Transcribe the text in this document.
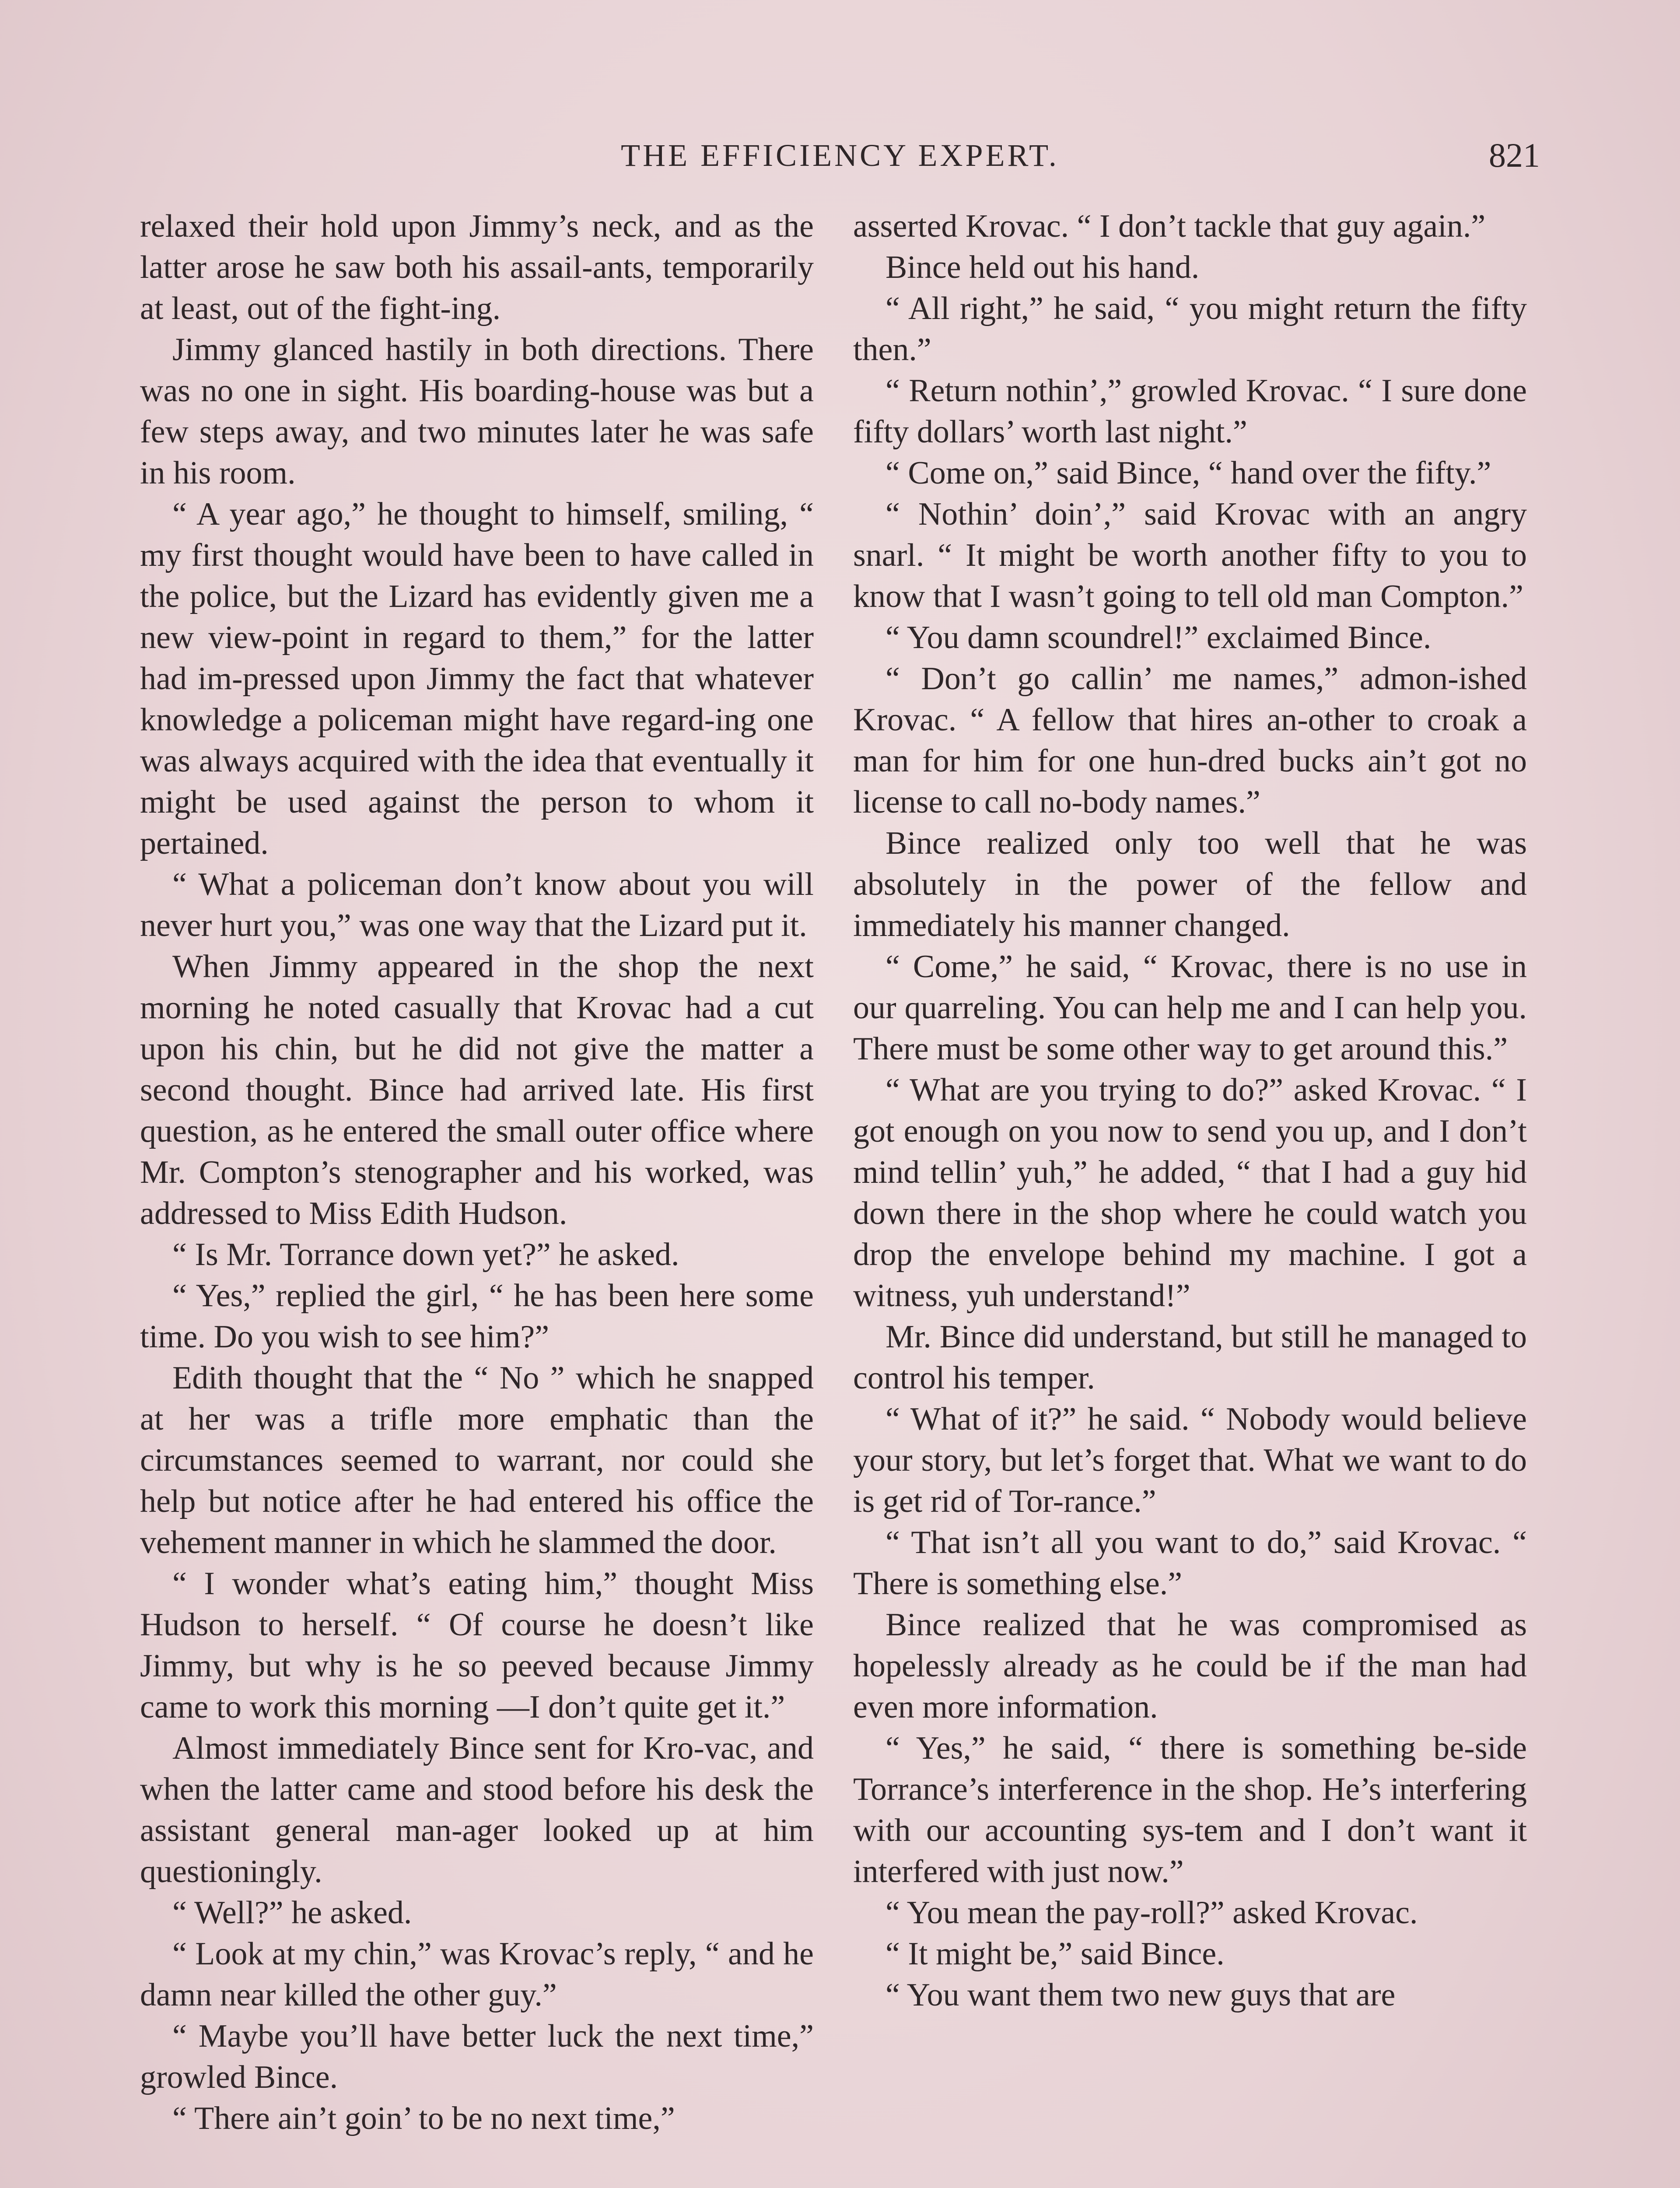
THE EFFICIENCY EXPERT.	821

relaxed their hold upon Jimmy’s neck, and as the latter arose he saw both his assail-ants, temporarily at least, out of the fight-ing.

Jimmy glanced hastily in both directions. There was no one in sight. His boarding-house was but a few steps away, and two minutes later he was safe in his room.

“ A year ago,” he thought to himself, smiling, “ my first thought would have been to have called in the police, but the Lizard has evidently given me a new view-point in regard to them,” for the latter had im-pressed upon Jimmy the fact that whatever knowledge a policeman might have regard-ing one was always acquired with the idea that eventually it might be used against the person to whom it pertained.

“ What a policeman don’t know about you will never hurt you,” was one way that the Lizard put it.

When Jimmy appeared in the shop the next morning he noted casually that Krovac had a cut upon his chin, but he did not give the matter a second thought. Bince had arrived late. His first question, as he entered the small outer office where Mr. Compton’s stenographer and his worked, was addressed to Miss Edith Hudson.

“ Is Mr. Torrance down yet?” he asked.

“ Yes,” replied the girl, “ he has been here some time. Do you wish to see him?”

Edith thought that the “ No ” which he snapped at her was a trifle more emphatic than the circumstances seemed to warrant, nor could she help but notice after he had entered his office the vehement manner in which he slammed the door.

“ I wonder what’s eating him,” thought Miss Hudson to herself. “ Of course he doesn’t like Jimmy, but why is he so peeved because Jimmy came to work this morning —I don’t quite get it.”

Almost immediately Bince sent for Kro-vac, and when the latter came and stood before his desk the assistant general man-ager looked up at him questioningly.

“ Well?” he asked.

“ Look at my chin,” was Krovac’s reply, “ and he damn near killed the other guy.”

“ Maybe you’ll have better luck the next time,” growled Bince.

“ There ain’t goin’ to be no next time,”

asserted Krovac. “ I don’t tackle that guy again.”

Bince held out his hand.

“ All right,” he said, “ you might return the fifty then.”

“ Return nothin’,” growled Krovac. “ I sure done fifty dollars’ worth last night.”

“ Come on,” said Bince, “ hand over the fifty.”

“ Nothin’ doin’,” said Krovac with an angry snarl. “ It might be worth another fifty to you to know that I wasn’t going to tell old man Compton.”

“ You damn scoundrel!” exclaimed Bince.

“ Don’t go callin’ me names,” admon-ished Krovac. “ A fellow that hires an-other to croak a man for him for one hun-dred bucks ain’t got no license to call no-body names.”

Bince realized only too well that he was absolutely in the power of the fellow and immediately his manner changed.

“ Come,” he said, “ Krovac, there is no use in our quarreling. You can help me and I can help you. There must be some other way to get around this.”

“ What are you trying to do?” asked Krovac. “ I got enough on you now to send you up, and I don’t mind tellin’ yuh,” he added, “ that I had a guy hid down there in the shop where he could watch you drop the envelope behind my machine. I got a witness, yuh understand!”

Mr. Bince did understand, but still he managed to control his temper.

“ What of it?” he said. “ Nobody would believe your story, but let’s forget that. What we want to do is get rid of Tor-rance.”

“ That isn’t all you want to do,” said Krovac. “ There is something else.”

Bince realized that he was compromised as hopelessly already as he could be if the man had even more information.

“ Yes,” he said, “ there is something be-side Torrance’s interference in the shop. He’s interfering with our accounting sys-tem and I don’t want it interfered with just now.”

“ You mean the pay-roll?” asked Krovac.

“ It might be,” said Bince.

“ You want them two new guys that are
